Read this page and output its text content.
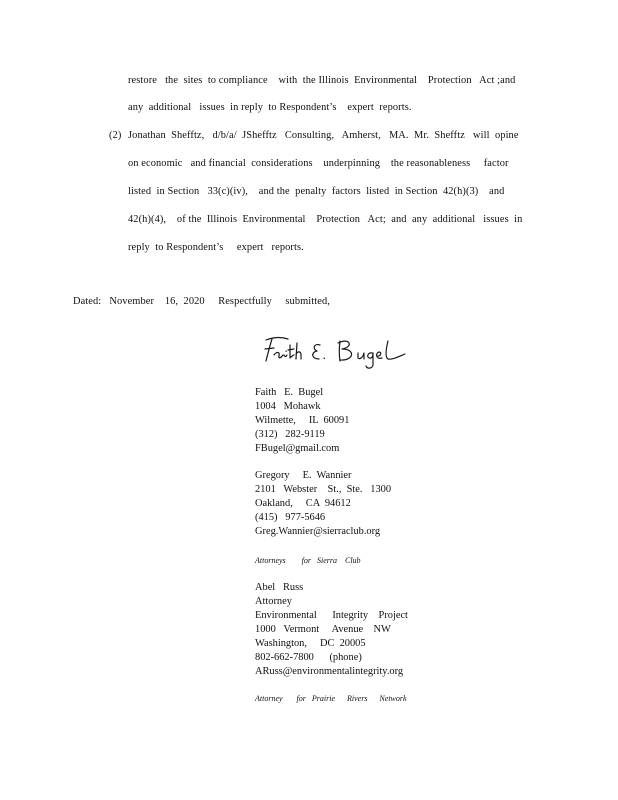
restore   the  sites  to compliance    with  the Illinois  Environmental    Protection   Act ;and
any  additional   issues  in reply  to Respondent’s    expert  reports.
(2) Jonathan  Shefftz,   d/b/a/  JShefftz   Consulting,   Amherst,   MA.  Mr.  Shefftz   will  opine
on economic   and financial  considerations    underpinning    the reasonableness     factor
listed  in Section   33(c)(iv),    and the  penalty  factors  listed  in Section  42(h)(3)    and
42(h)(4),    of the  Illinois  Environmental    Protection   Act;  and  any  additional   issues  in
reply  to Respondent’s     expert   reports.
Dated:   November    16,  2020     Respectfully     submitted,
Faith   E.  Bugel
1004   Mohawk
Wilmette,     IL  60091
(312)   282-9119
FBugel@gmail.com
Gregory     E.  Wannier
2101   Webster    St.,  Ste.   1300
Oakland,     CA  94612
(415)   977-5646
Greg.Wannier@sierraclub.org
Attorneys        for   Sierra    Club
Abel   Russ
Attorney
Environmental      Integrity    Project
1000   Vermont     Avenue    NW
Washington,     DC  20005
802-662-7800      (phone)
ARuss@environmentalintegrity.org
Attorney       for   Prairie      Rivers      Network
